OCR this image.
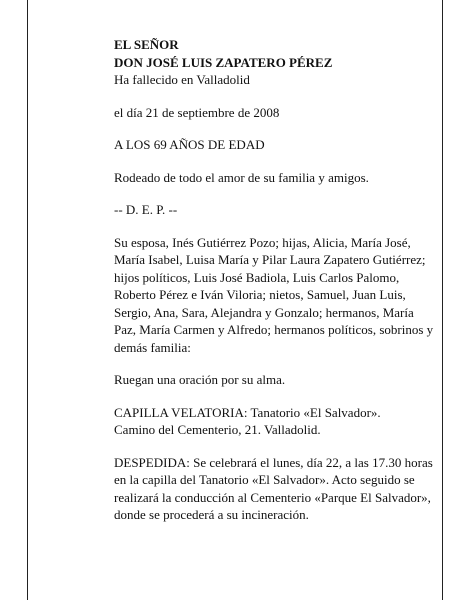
EL SEÑOR

DON JOSÉ LUIS ZAPATERO PÉREZ

Ha fallecido en Valladolid

el día 21 de septiembre de 2008

A LOS 69 AÑOS DE EDAD

Rodeado de todo el amor de su familia y amigos.

-- D. E. P. --

Su esposa, Inés Gutiérrez Pozo; hijas, Alicia, María José, María Isabel, Luisa María y Pilar Laura Zapatero Gutiérrez; hijos políticos, Luis José Badiola, Luis Carlos Palomo, Roberto Pérez e Iván Viloria; nietos, Samuel, Juan Luis, Sergio, Ana, Sara, Alejandra y Gonzalo; hermanos, María Paz, María Carmen y Alfredo; hermanos políticos, sobrinos y demás familia:

Ruegan una oración por su alma.

CAPILLA VELATORIA: Tanatorio «El Salvador».
Camino del Cementerio, 21. Valladolid.

DESPEDIDA: Se celebrará el lunes, día 22, a las 17.30 horas en la capilla del Tanatorio «El Salvador». Acto seguido se realizará la conducción al Cementerio «Parque El Salvador», donde se procederá a su incineración.
